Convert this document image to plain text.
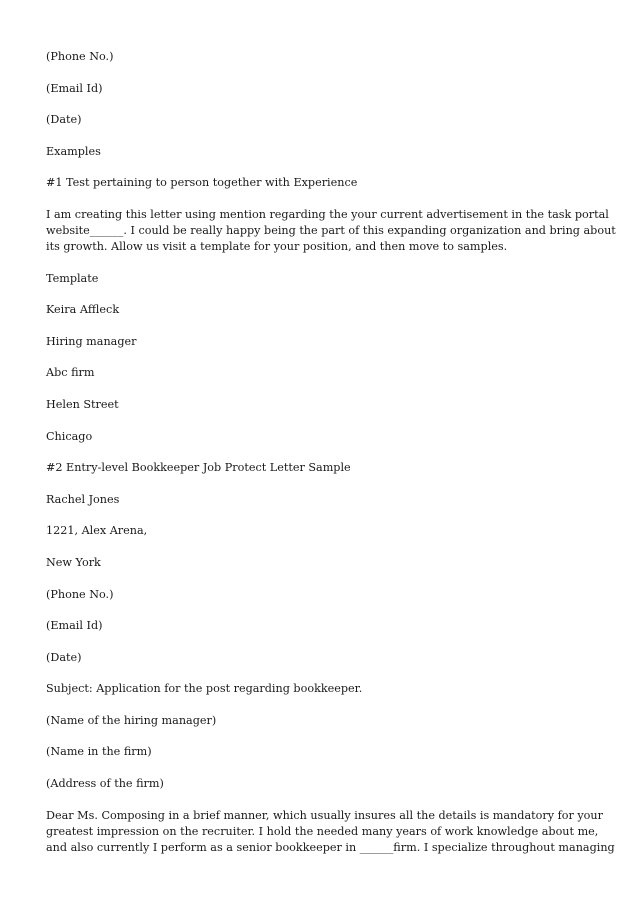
(Phone No.)

(Email Id)

(Date)

Examples

#1 Test pertaining to person together with Experience

I am creating this letter using mention regarding the your current advertisement in the task portal
website______. I could be really happy being the part of this expanding organization and bring about
its growth. Allow us visit a template for your position, and then move to samples.

Template

Keira Affleck

Hiring manager

Abc firm

Helen Street

Chicago

#2 Entry-level Bookkeeper Job Protect Letter Sample

Rachel Jones

1221, Alex Arena,

New York

(Phone No.)

(Email Id)

(Date)

Subject: Application for the post regarding bookkeeper.

(Name of the hiring manager)

(Name in the firm)

(Address of the firm)

Dear Ms. Composing in a brief manner, which usually insures all the details is mandatory for your
greatest impression on the recruiter. I hold the needed many years of work knowledge about me,
and also currently I perform as a senior bookkeeper in ______firm. I specialize throughout managing
